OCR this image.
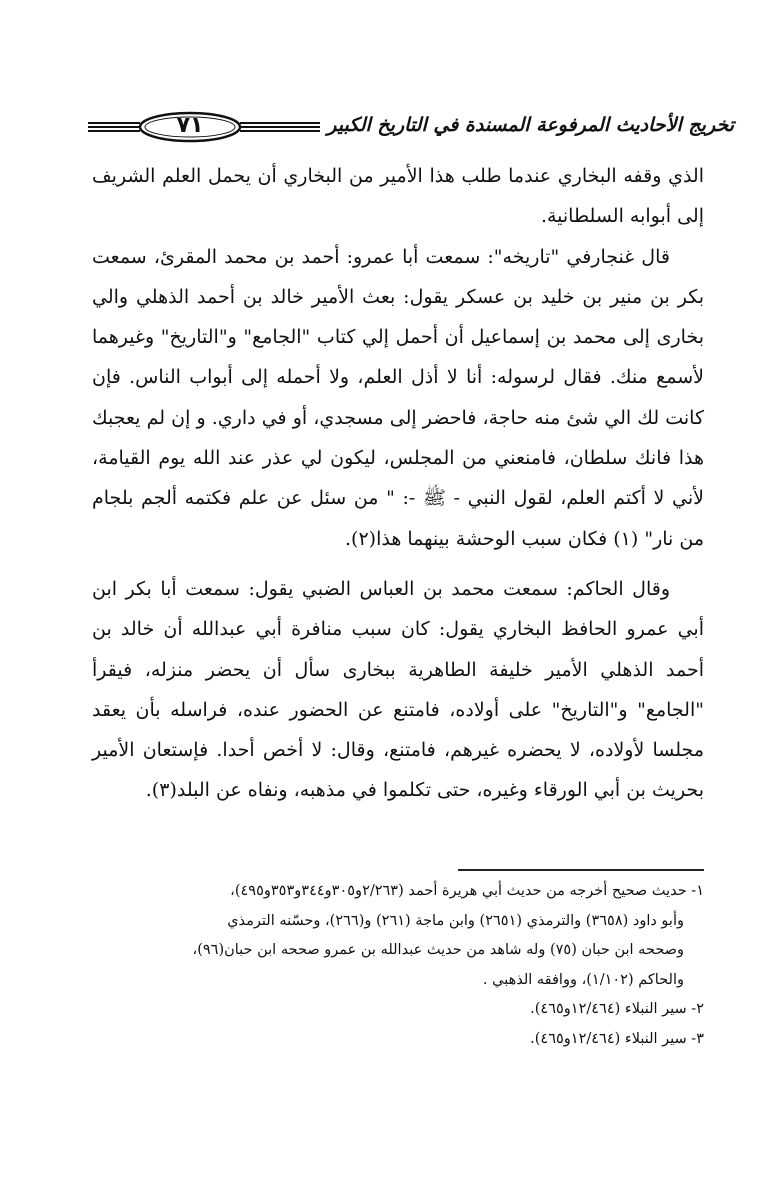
٧١	تخريج الأحاديث المرفوعة المسندة في التاريخ الكبير

الذي وقفه البخاري عندما طلب هذا الأمير من البخاري أن يحمل العلم الشريف إلى أبوابه السلطانية.

قال غنجارفي "تاريخه": سمعت أبا عمرو: أحمد بن محمد المقرئ، سمعت بكر بن منير بن خليد بن عسكر يقول: بعث الأمير خالد بن أحمد الذهلي والي بخارى إلى محمد بن إسماعيل أن أحمل إلي كتاب "الجامع" و"التاريخ" وغيرهما لأسمع منك. فقال لرسوله: أنا لا أذل العلم، ولا أحمله إلى أبواب الناس. فإن كانت لك الي شئ منه حاجة، فاحضر إلى مسجدي، أو في داري. و إن لم يعجبك هذا فانك سلطان، فامنعني من المجلس، ليكون لي عذر عند الله يوم القيامة، لأني لا أكتم العلم، لقول النبي - ﷺ -: " من سئل عن علم فكتمه ألجم بلجام من نار" (١) فكان سبب الوحشة بينهما هذا(٢).

وقال الحاكم: سمعت محمد بن العباس الضبي يقول: سمعت أبا بكر ابن أبي عمرو الحافظ البخاري يقول: كان سبب منافرة أبي عبدالله أن خالد بن أحمد الذهلي الأمير خليفة الطاهرية ببخارى سأل أن يحضر منزله، فيقرأ "الجامع" و"التاريخ" على أولاده، فامتنع عن الحضور عنده، فراسله بأن يعقد مجلسا لأولاده، لا يحضره غيرهم، فامتنع، وقال: لا أخص أحدا. فإستعان الأمير بحريث بن أبي الورقاء وغيره، حتى تكلموا في مذهبه، ونفاه عن البلد(٣).

١- حديث صحيح أخرجه من حديث أبي هريرة أحمد (٢/٢٦٣و٣٠٥و٣٤٤و٣٥٣و٤٩٥)،

وأبو داود (٣٦٥٨) والترمذي (٢٦٥١) وابن ماجة (٢٦١) و(٢٦٦)، وحسّنه الترمذي

وصححه ابن حبان (٧٥) وله شاهد من حديث عبدالله بن عمرو صححه ابن حبان(٩٦)،

والحاكم (١/١٠٢)، ووافقه الذهبي .

٢- سير النبلاء (١٢/٤٦٤و٤٦٥).

٣- سير النبلاء (١٢/٤٦٤و٤٦٥).
